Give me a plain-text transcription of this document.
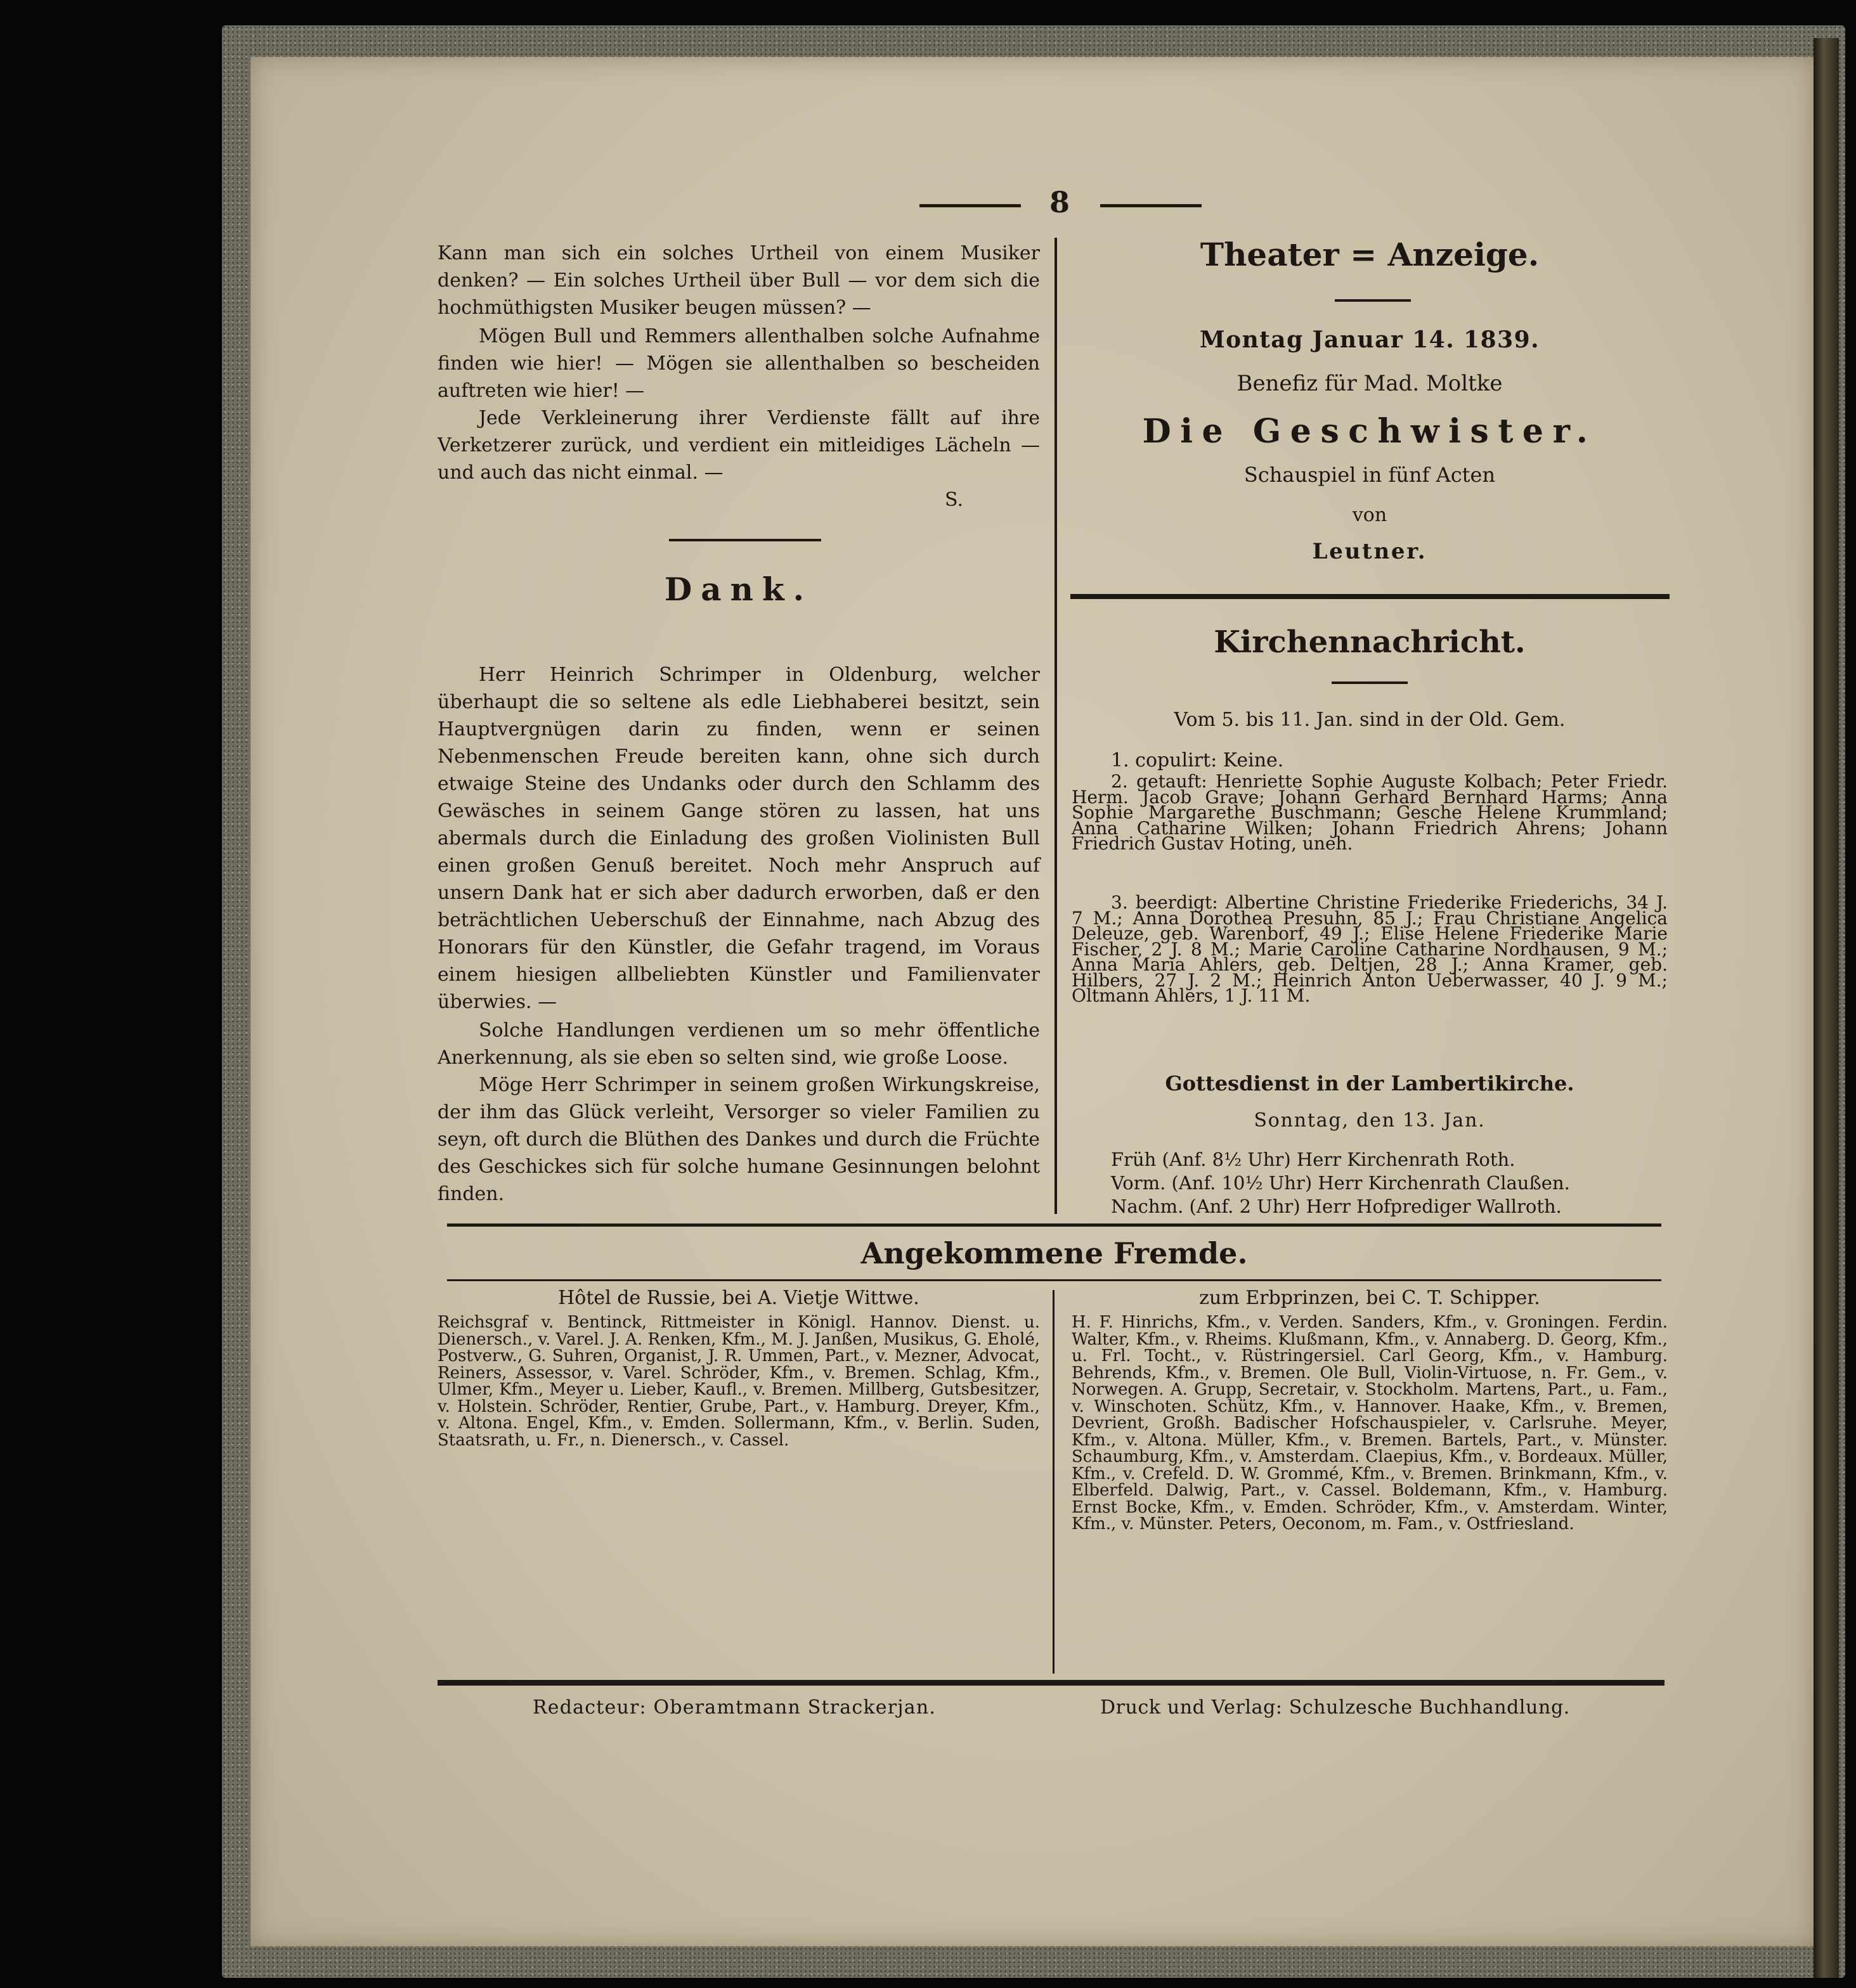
8
Kann man sich ein solches Urtheil von einem Musiker denken? — Ein solches Urtheil über Bull — vor dem sich die hochmüthigsten Musiker beugen müssen? —
Mögen Bull und Remmers allenthalben solche Aufnahme finden wie hier! — Mögen sie allenthalben so bescheiden auftreten wie hier! —
Jede Verkleinerung ihrer Verdienste fällt auf ihre Verketzerer zurück, und verdient ein mitleidiges Lächeln — und auch das nicht einmal. —
S.
Dank.
Herr Heinrich Schrimper in Oldenburg, welcher überhaupt die so seltene als edle Liebhaberei besitzt, sein Hauptvergnügen darin zu finden, wenn er seinen Nebenmenschen Freude bereiten kann, ohne sich durch etwaige Steine des Undanks oder durch den Schlamm des Gewäsches in seinem Gange stören zu lassen, hat uns abermals durch die Einladung des großen Violinisten Bull einen großen Genuß bereitet. Noch mehr Anspruch auf unsern Dank hat er sich aber dadurch erworben, daß er den beträchtlichen Ueberschuß der Einnahme, nach Abzug des Honorars für den Künstler, die Gefahr tragend, im Voraus einem hiesigen allbeliebten Künstler und Familienvater überwies. —
Solche Handlungen verdienen um so mehr öffentliche Anerkennung, als sie eben so selten sind, wie große Loose.
Möge Herr Schrimper in seinem großen Wirkungskreise, der ihm das Glück verleiht, Versorger so vieler Familien zu seyn, oft durch die Blüthen des Dankes und durch die Früchte des Geschickes sich für solche humane Gesinnungen belohnt finden.
Theater = Anzeige.
Montag Januar 14. 1839.
Benefiz für Mad. Moltke
Die Geschwister.
Schauspiel in fünf Acten
von
Leutner.
Kirchennachricht.
Vom 5. bis 11. Jan. sind in der Old. Gem.
1. copulirt: Keine.
2. getauft: Henriette Sophie Auguste Kolbach; Peter Friedr. Herm. Jacob Grave; Johann Gerhard Bernhard Harms; Anna Sophie Margarethe Buschmann; Gesche Helene Krummland; Anna Catharine Wilken; Johann Friedrich Ahrens; Johann Friedrich Gustav Hoting, uneh.
3. beerdigt: Albertine Christine Friederike Friederichs, 34 J. 7 M.; Anna Dorothea Presuhn, 85 J.; Frau Christiane Angelica Deleuze, geb. Warenborf, 49 J.; Elise Helene Friederike Marie Fischer, 2 J. 8 M.; Marie Caroline Catharine Nordhausen, 9 M.; Anna Maria Ahlers, geb. Deltjen, 28 J.; Anna Kramer, geb. Hilbers, 27 J. 2 M.; Heinrich Anton Ueberwasser, 40 J. 9 M.; Oltmann Ahlers, 1 J. 11 M.
Gottesdienst in der Lambertikirche.
Sonntag, den 13. Jan.
Früh (Anf. 8½ Uhr) Herr Kirchenrath Roth.
Vorm. (Anf. 10½ Uhr) Herr Kirchenrath Claußen.
Nachm. (Anf. 2 Uhr) Herr Hofprediger Wallroth.
Angekommene Fremde.
Hôtel de Russie, bei A. Vietje Wittwe.
Reichsgraf v. Bentinck, Rittmeister in Königl. Hannov. Dienst. u. Dienersch., v. Varel. J. A. Renken, Kfm., M. J. Janßen, Musikus, G. Eholé, Postverw., G. Suhren, Organist, J. R. Ummen, Part., v. Mezner, Advocat, Reiners, Assessor, v. Varel. Schröder, Kfm., v. Bremen. Schlag, Kfm., Ulmer, Kfm., Meyer u. Lieber, Kaufl., v. Bremen. Millberg, Gutsbesitzer, v. Holstein. Schröder, Rentier, Grube, Part., v. Hamburg. Dreyer, Kfm., v. Altona. Engel, Kfm., v. Emden. Sollermann, Kfm., v. Berlin. Suden, Staatsrath, u. Fr., n. Dienersch., v. Cassel.
zum Erbprinzen, bei C. T. Schipper.
H. F. Hinrichs, Kfm., v. Verden. Sanders, Kfm., v. Groningen. Ferdin. Walter, Kfm., v. Rheims. Klußmann, Kfm., v. Annaberg. D. Georg, Kfm., u. Frl. Tocht., v. Rüstringersiel. Carl Georg, Kfm., v. Hamburg. Behrends, Kfm., v. Bremen. Ole Bull, Violin-Virtuose, n. Fr. Gem., v. Norwegen. A. Grupp, Secretair, v. Stockholm. Martens, Part., u. Fam., v. Winschoten. Schütz, Kfm., v. Hannover. Haake, Kfm., v. Bremen, Devrient, Großh. Badischer Hofschauspieler, v. Carlsruhe. Meyer, Kfm., v. Altona. Müller, Kfm., v. Bremen. Bartels, Part., v. Münster. Schaumburg, Kfm., v. Amsterdam. Claepius, Kfm., v. Bordeaux. Müller, Kfm., v. Crefeld. D. W. Grommé, Kfm., v. Bremen. Brinkmann, Kfm., v. Elberfeld. Dalwig, Part., v. Cassel. Boldemann, Kfm., v. Hamburg. Ernst Bocke, Kfm., v. Emden. Schröder, Kfm., v. Amsterdam. Winter, Kfm., v. Münster. Peters, Oeconom, m. Fam., v. Ostfriesland.
Redacteur: Oberamtmann Strackerjan.	Druck und Verlag: Schulzesche Buchhandlung.
